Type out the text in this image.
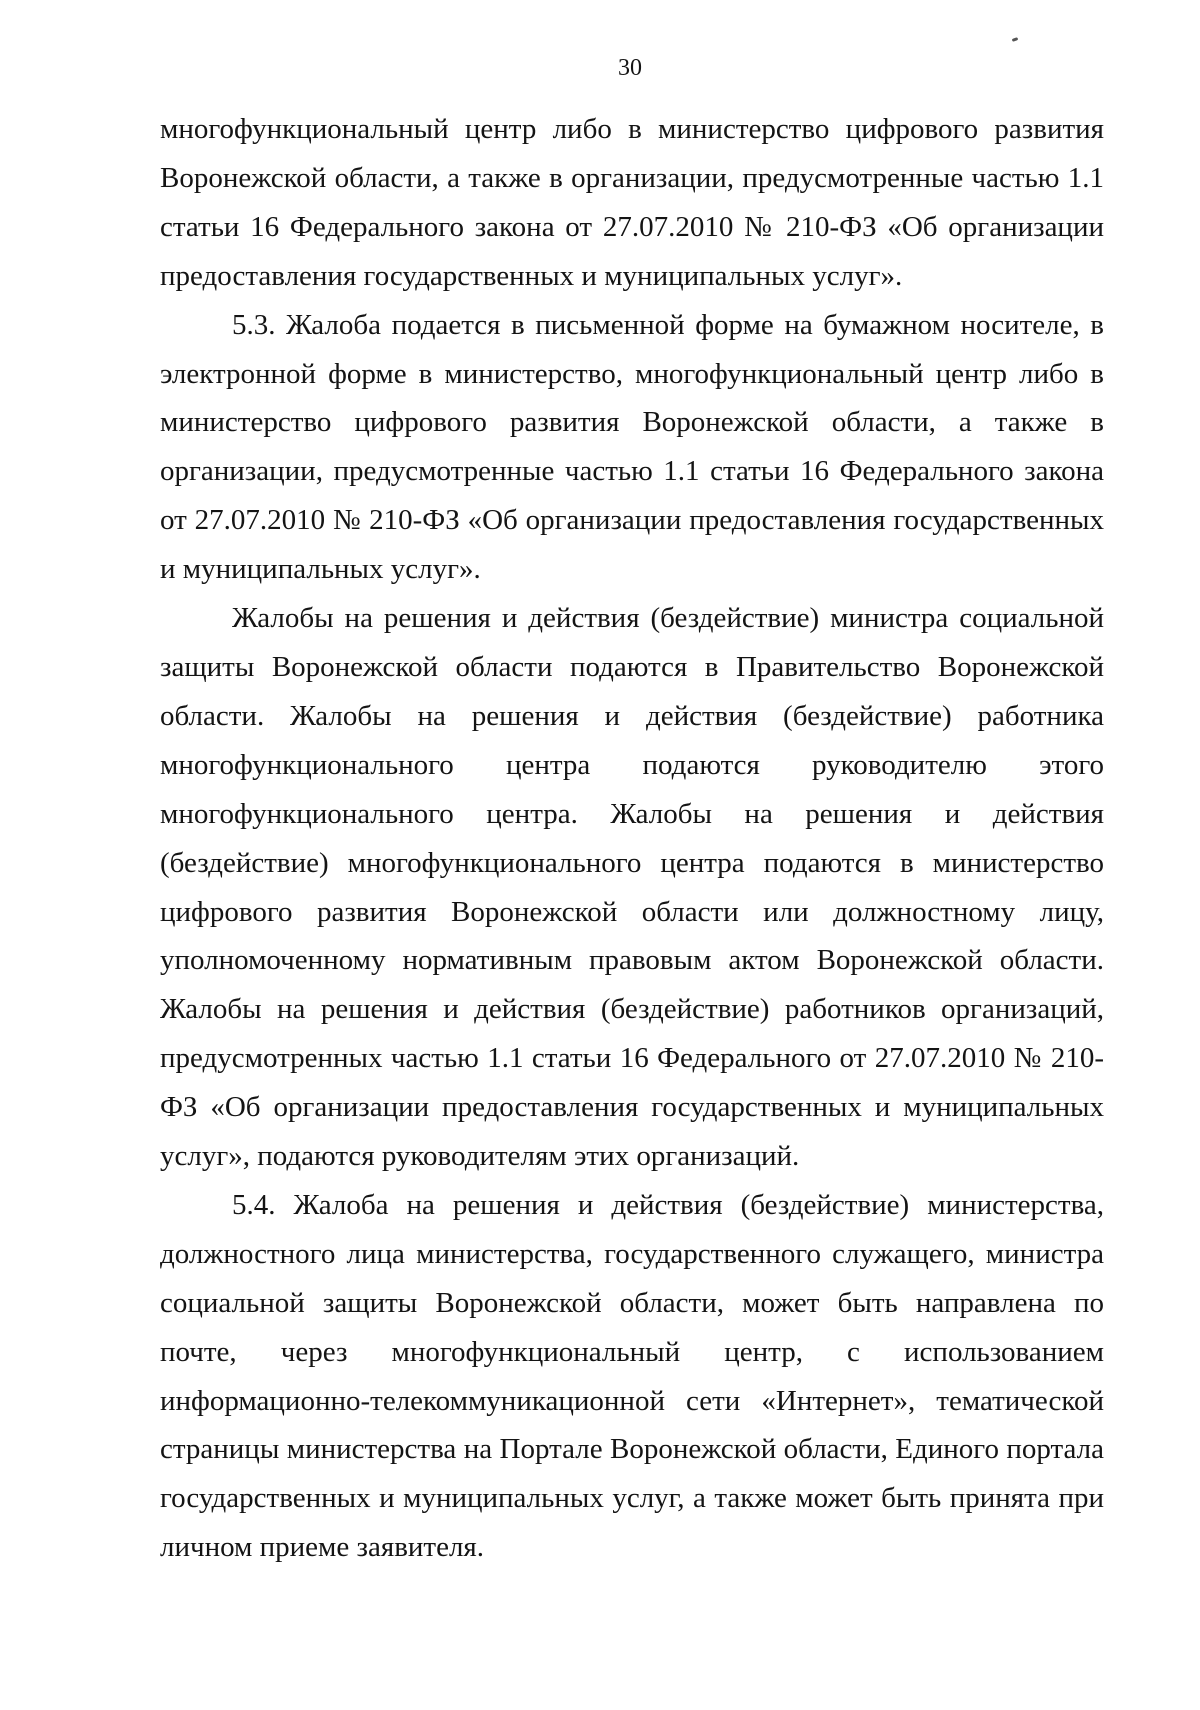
30

многофункциональный центр либо в министерство цифрового развития Воронежской области, а также в организации, предусмотренные частью 1.1 статьи 16 Федерального закона от 27.07.2010 № 210-ФЗ «Об организации предоставления государственных и муниципальных услуг».

5.3. Жалоба подается в письменной форме на бумажном носителе, в электронной форме в министерство, многофункциональный центр либо в министерство цифрового развития Воронежской области, а также в организации, предусмотренные частью 1.1 статьи 16 Федерального закона от 27.07.2010 № 210-ФЗ «Об организации предоставления государственных и муниципальных услуг».

Жалобы на решения и действия (бездействие) министра социальной защиты Воронежской области подаются в Правительство Воронежской области. Жалобы на решения и действия (бездействие) работника многофункционального центра подаются руководителю этого многофункционального центра. Жалобы на решения и действия (бездействие) многофункционального центра подаются в министерство цифрового развития Воронежской области или должностному лицу, уполномоченному нормативным правовым актом Воронежской области. Жалобы на решения и действия (бездействие) работников организаций, предусмотренных частью 1.1 статьи 16 Федерального от 27.07.2010 № 210-ФЗ «Об организации предоставления государственных и муниципальных услуг», подаются руководителям этих организаций.

5.4. Жалоба на решения и действия (бездействие) министерства, должностного лица министерства, государственного служащего, министра социальной защиты Воронежской области, может быть направлена по почте, через многофункциональный центр, с использованием информационно-телекоммуникационной сети «Интернет», тематической страницы министерства на Портале Воронежской области, Единого портала государственных и муниципальных услуг, а также может быть принята при личном приеме заявителя.
